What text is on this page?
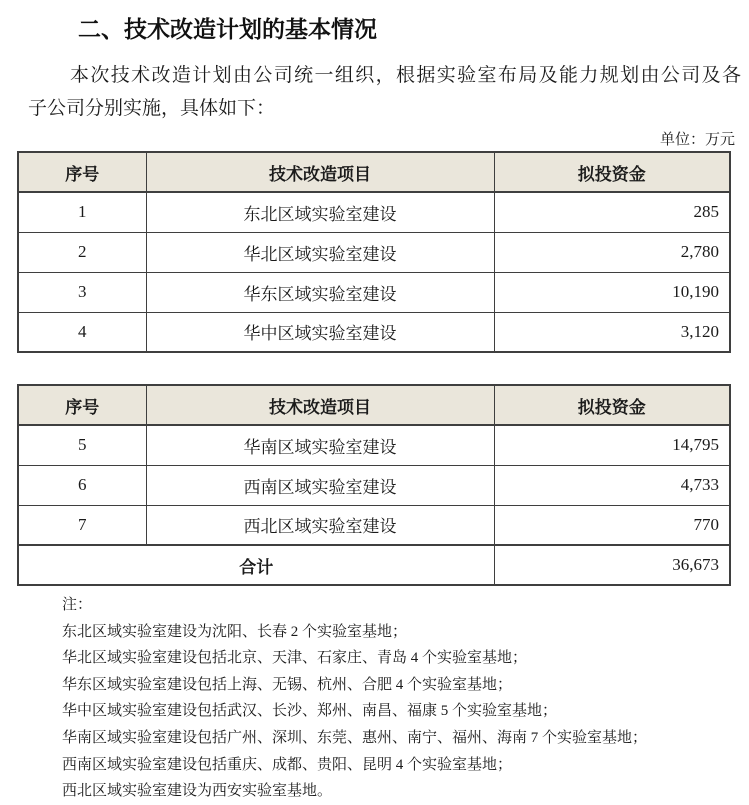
二、技术改造计划的基本情况
本次技术改造计划由公司统一组织，根据实验室布局及能力规划由公司及各
子公司分别实施，具体如下：
单位：万元
序号	技术改造项目	拟投资金
1	东北区域实验室建设	285
2	华北区域实验室建设	2,780
3	华东区域实验室建设	10,190
4	华中区域实验室建设	3,120
序号	技术改造项目	拟投资金
5	华南区域实验室建设	14,795
6	西南区域实验室建设	4,733
7	西北区域实验室建设	770
合计		36,673
注：
东北区域实验室建设为沈阳、长春 2 个实验室基地；
华北区域实验室建设包括北京、天津、石家庄、青岛 4 个实验室基地；
华东区域实验室建设包括上海、无锡、杭州、合肥 4 个实验室基地；
华中区域实验室建设包括武汉、长沙、郑州、南昌、福康 5 个实验室基地；
华南区域实验室建设包括广州、深圳、东莞、惠州、南宁、福州、海南 7 个实验室基地；
西南区域实验室建设包括重庆、成都、贵阳、昆明 4 个实验室基地；
西北区域实验室建设为西安实验室基地。
